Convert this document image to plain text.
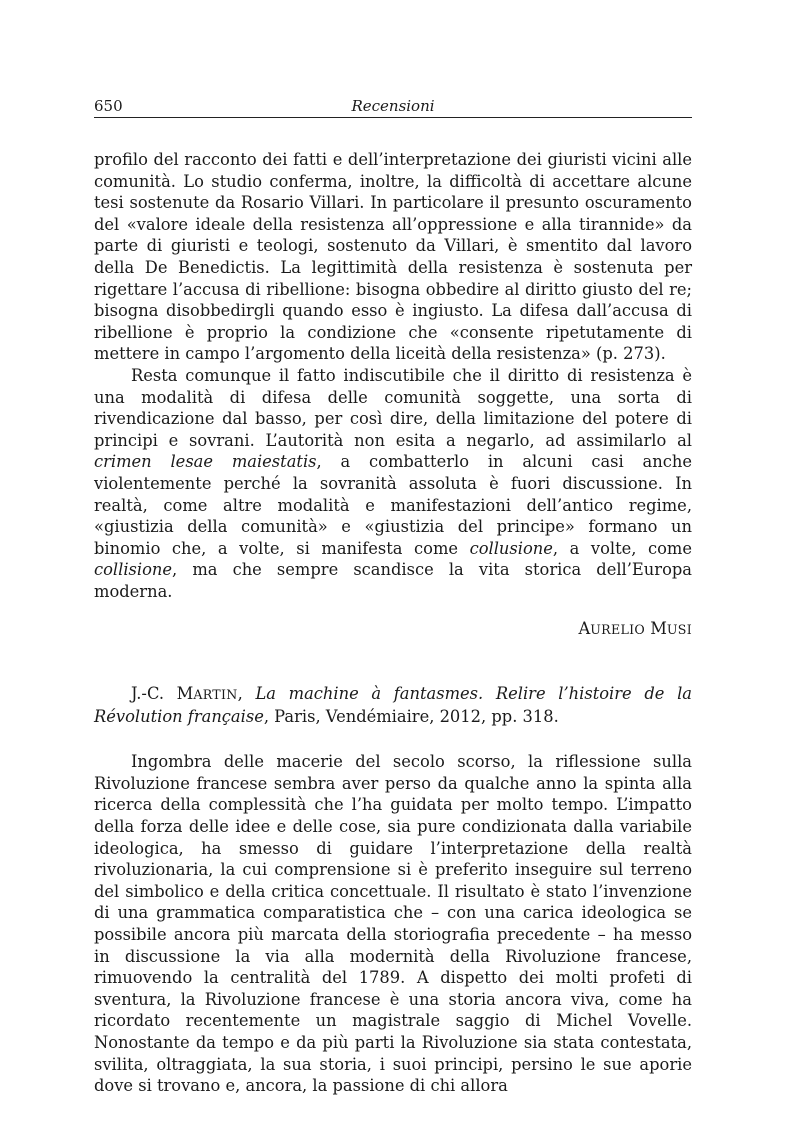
650	Recensioni

profilo del racconto dei fatti e dell’interpretazione dei giuristi vicini alle comunità. Lo studio conferma, inoltre, la difficoltà di accettare alcune tesi sostenute da Rosario Villari. In particolare il presunto oscuramento del «valore ideale della resistenza all’oppressione e alla tirannide» da parte di giuristi e teologi, sostenuto da Villari, è smentito dal lavoro della De Benedictis. La legittimità della resistenza è sostenuta per rigettare l’accusa di ribellione: bisogna obbedire al diritto giusto del re; bisogna disobbedirgli quando esso è ingiusto. La difesa dall’accusa di ribellione è proprio la condizione che «consente ripetutamente di mettere in campo l’argomento della liceità della resistenza» (p. 273).

Resta comunque il fatto indiscutibile che il diritto di resistenza è una modalità di difesa delle comunità soggette, una sorta di rivendicazione dal basso, per così dire, della limitazione del potere di principi e sovrani. L’autorità non esita a negarlo, ad assimilarlo al crimen lesae maiestatis, a combatterlo in alcuni casi anche violentemente perché la sovranità assoluta è fuori discussione. In realtà, come altre modalità e manifestazioni dell’antico regime, «giustizia della comunità» e «giustizia del principe» formano un binomio che, a volte, si manifesta come collusione, a volte, come collisione, ma che sempre scandisce la vita storica dell’Europa moderna.

AURELIO MUSI

J.-C. MARTIN, La machine à fantasmes. Relire l’histoire de la Révolution française, Paris, Vendémiaire, 2012, pp. 318.

Ingombra delle macerie del secolo scorso, la riflessione sulla Rivoluzione francese sembra aver perso da qualche anno la spinta alla ricerca della complessità che l’ha guidata per molto tempo. L’impatto della forza delle idee e delle cose, sia pure condizionata dalla variabile ideologica, ha smesso di guidare l’interpretazione della realtà rivoluzionaria, la cui comprensione si è preferito inseguire sul terreno del simbolico e della critica concettuale. Il risultato è stato l’invenzione di una grammatica comparatistica che – con una carica ideologica se possibile ancora più marcata della storiografia precedente – ha messo in discussione la via alla modernità della Rivoluzione francese, rimuovendo la centralità del 1789. A dispetto dei molti profeti di sventura, la Rivoluzione francese è una storia ancora viva, come ha ricordato recentemente un magistrale saggio di Michel Vovelle. Nonostante da tempo e da più parti la Rivoluzione sia stata contestata, svilita, oltraggiata, la sua storia, i suoi principi, persino le sue aporie dove si trovano e, ancora, la passione di chi allora
